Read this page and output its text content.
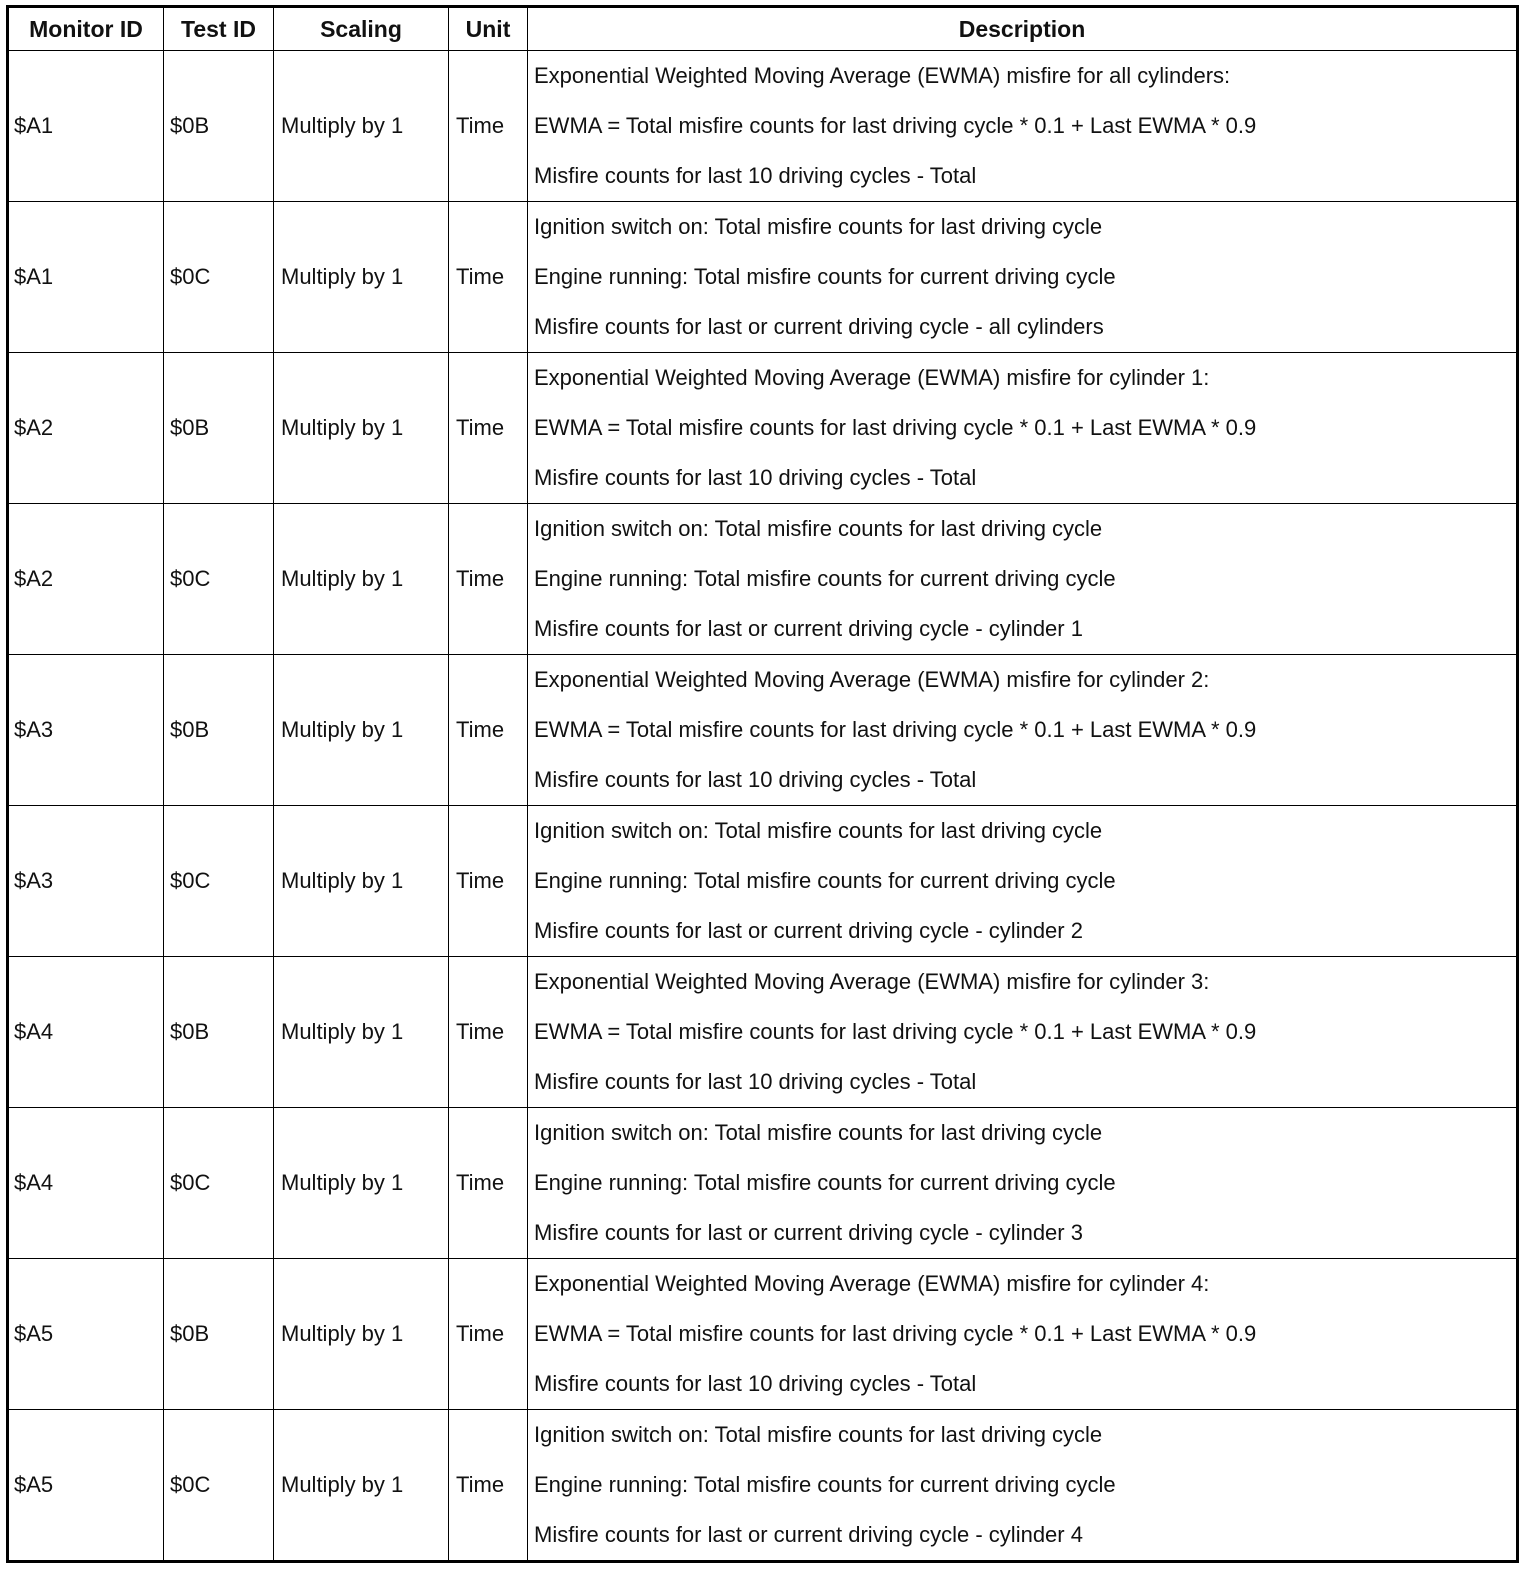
Monitor ID	Test ID	Scaling	Unit	Description
$A1	$0B	Multiply by 1	Time	Exponential Weighted Moving Average (EWMA) misfire for all cylinders:
EWMA = Total misfire counts for last driving cycle * 0.1 + Last EWMA * 0.9
Misfire counts for last 10 driving cycles - Total

$A1	$0C	Multiply by 1	Time	Ignition switch on: Total misfire counts for last driving cycle
Engine running: Total misfire counts for current driving cycle
Misfire counts for last or current driving cycle - all cylinders

$A2	$0B	Multiply by 1	Time	Exponential Weighted Moving Average (EWMA) misfire for cylinder 1:
EWMA = Total misfire counts for last driving cycle * 0.1 + Last EWMA * 0.9
Misfire counts for last 10 driving cycles - Total

$A2	$0C	Multiply by 1	Time	Ignition switch on: Total misfire counts for last driving cycle
Engine running: Total misfire counts for current driving cycle
Misfire counts for last or current driving cycle - cylinder 1

$A3	$0B	Multiply by 1	Time	Exponential Weighted Moving Average (EWMA) misfire for cylinder 2:
EWMA = Total misfire counts for last driving cycle * 0.1 + Last EWMA * 0.9
Misfire counts for last 10 driving cycles - Total

$A3	$0C	Multiply by 1	Time	Ignition switch on: Total misfire counts for last driving cycle
Engine running: Total misfire counts for current driving cycle
Misfire counts for last or current driving cycle - cylinder 2

$A4	$0B	Multiply by 1	Time	Exponential Weighted Moving Average (EWMA) misfire for cylinder 3:
EWMA = Total misfire counts for last driving cycle * 0.1 + Last EWMA * 0.9
Misfire counts for last 10 driving cycles - Total

$A4	$0C	Multiply by 1	Time	Ignition switch on: Total misfire counts for last driving cycle
Engine running: Total misfire counts for current driving cycle
Misfire counts for last or current driving cycle - cylinder 3

$A5	$0B	Multiply by 1	Time	Exponential Weighted Moving Average (EWMA) misfire for cylinder 4:
EWMA = Total misfire counts for last driving cycle * 0.1 + Last EWMA * 0.9
Misfire counts for last 10 driving cycles - Total

$A5	$0C	Multiply by 1	Time	Ignition switch on: Total misfire counts for last driving cycle
Engine running: Total misfire counts for current driving cycle
Misfire counts for last or current driving cycle - cylinder 4
